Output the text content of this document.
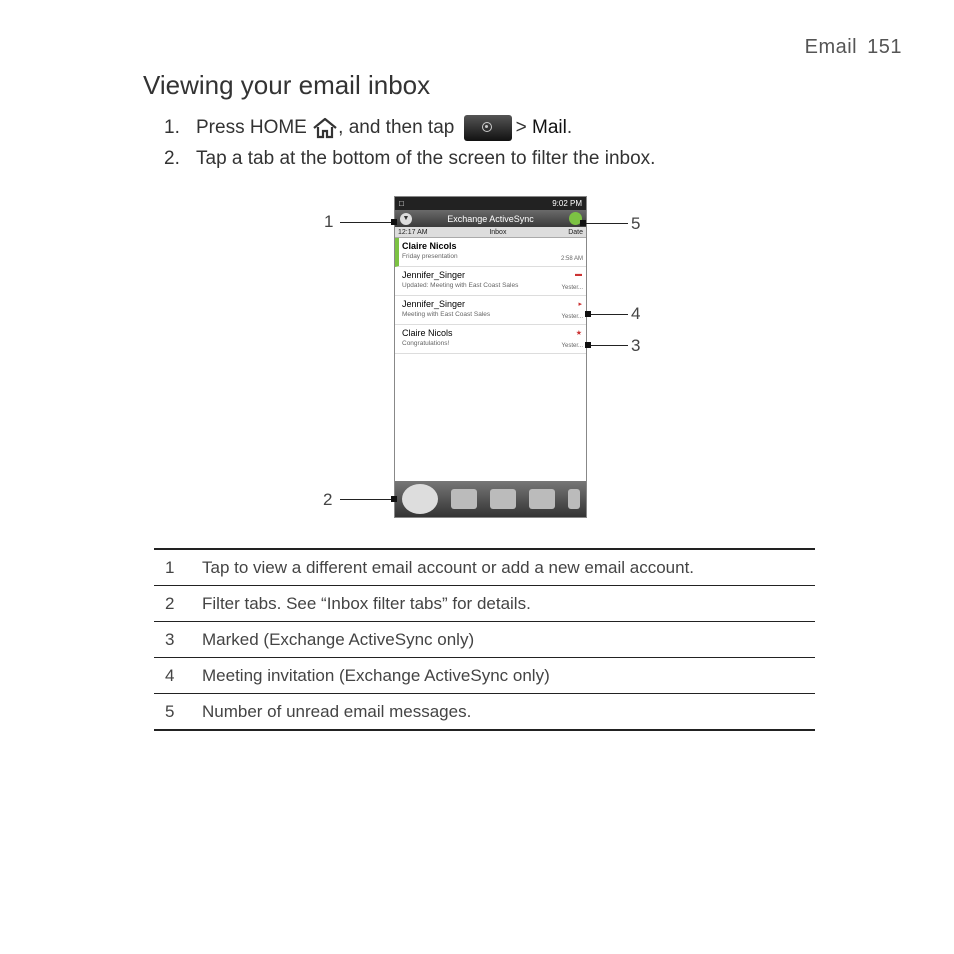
Email 151
Viewing your email inbox
1. Press HOME , and then tap	> Mail.
2. Tap a tab at the bottom of the screen to filter the inbox.
□	9:02 PM
▼	Exchange ActiveSync
12:17 AM	Inbox	Date
Claire Nicols
Friday presentation	2:58 AM
Jennifer_Singer
Updated: Meeting with East Coast Sales
▬
Yester...
Jennifer_Singer
Meeting with East Coast Sales
▸
Yester...
Claire Nicols
Congratulations!
★
Yester...
1	5
4
3
2
1	Tap to view a different email account or add a new email account.
2	Filter tabs. See “Inbox filter tabs” for details.
3	Marked (Exchange ActiveSync only)
4	Meeting invitation (Exchange ActiveSync only)
5	Number of unread email messages.
